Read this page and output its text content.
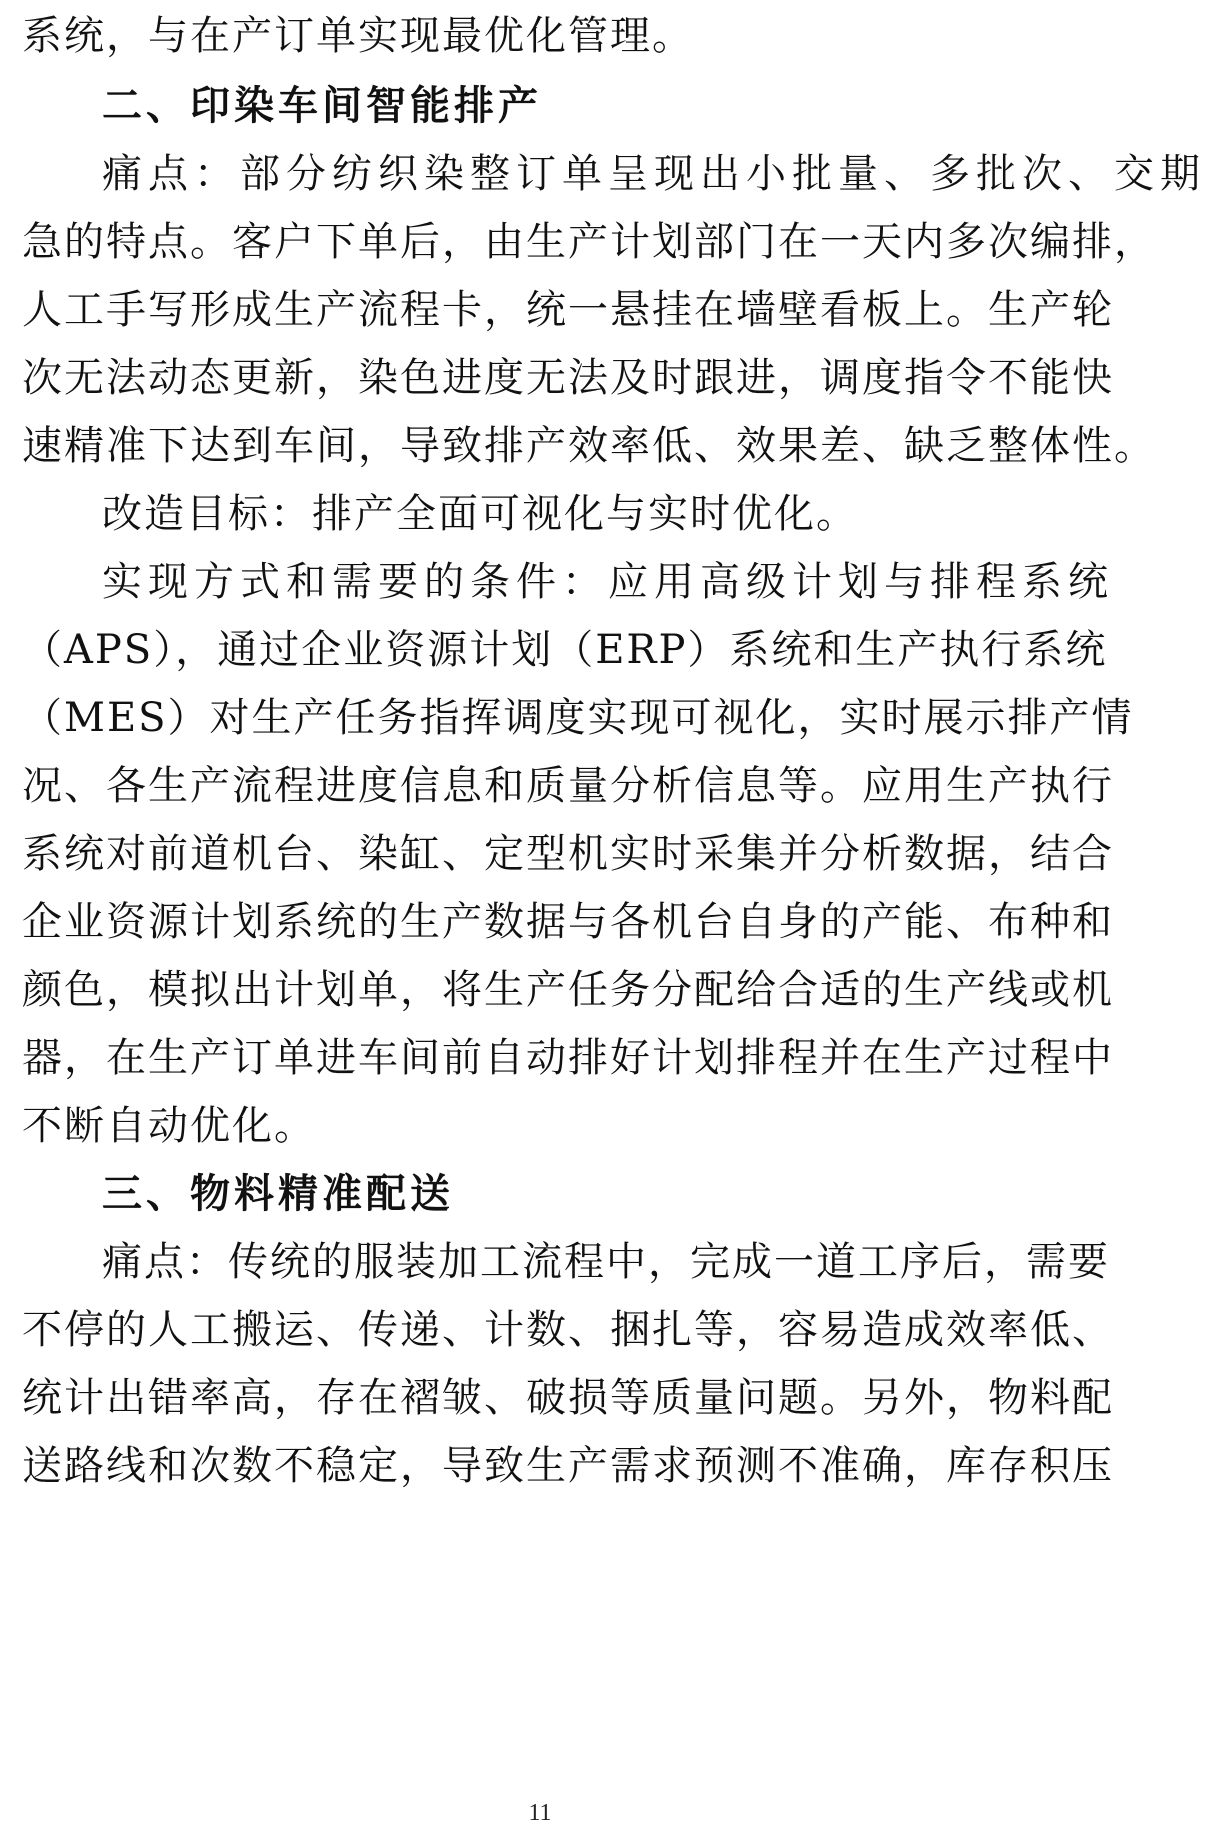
系统，与在产订单实现最优化管理。
二、印染车间智能排产
痛点：部分纺织染整订单呈现出小批量、多批次、交期
急的特点。客户下单后，由生产计划部门在一天内多次编排，
人工手写形成生产流程卡，统一悬挂在墙壁看板上。生产轮
次无法动态更新，染色进度无法及时跟进，调度指令不能快
速精准下达到车间，导致排产效率低、效果差、缺乏整体性。
改造目标：排产全面可视化与实时优化。
实现方式和需要的条件：应用高级计划与排程系统
（APS），通过企业资源计划（ERP）系统和生产执行系统
（MES）对生产任务指挥调度实现可视化，实时展示排产情
况、各生产流程进度信息和质量分析信息等。应用生产执行
系统对前道机台、染缸、定型机实时采集并分析数据，结合
企业资源计划系统的生产数据与各机台自身的产能、布种和
颜色，模拟出计划单，将生产任务分配给合适的生产线或机
器，在生产订单进车间前自动排好计划排程并在生产过程中
不断自动优化。
三、物料精准配送
痛点：传统的服装加工流程中，完成一道工序后，需要
不停的人工搬运、传递、计数、捆扎等，容易造成效率低、
统计出错率高，存在褶皱、破损等质量问题。另外，物料配
送路线和次数不稳定，导致生产需求预测不准确，库存积压
11
